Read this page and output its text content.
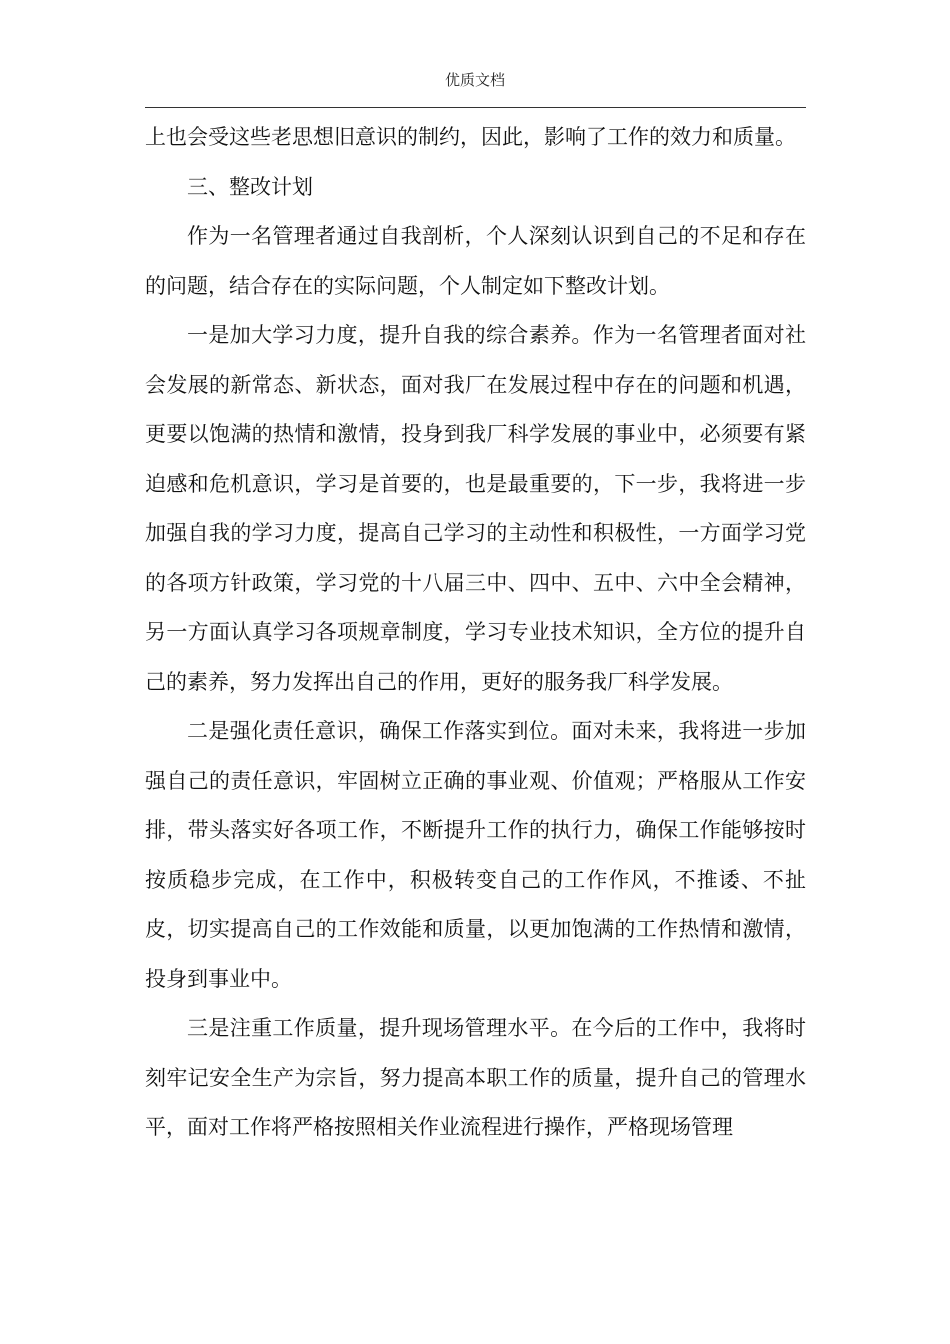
优质文档

上也会受这些老思想旧意识的制约，因此，影响了工作的效力和质量。

三、整改计划

作为一名管理者通过自我剖析，个人深刻认识到自己的不足和存在的问题，结合存在的实际问题，个人制定如下整改计划。

一是加大学习力度，提升自我的综合素养。作为一名管理者面对社会发展的新常态、新状态，面对我厂在发展过程中存在的问题和机遇，更要以饱满的热情和激情，投身到我厂科学发展的事业中，必须要有紧迫感和危机意识，学习是首要的，也是最重要的，下一步，我将进一步加强自我的学习力度，提高自己学习的主动性和积极性，一方面学习党的各项方针政策，学习党的十八届三中、四中、五中、六中全会精神，另一方面认真学习各项规章制度，学习专业技术知识，全方位的提升自己的素养，努力发挥出自己的作用，更好的服务我厂科学发展。

二是强化责任意识，确保工作落实到位。面对未来，我将进一步加强自己的责任意识，牢固树立正确的事业观、价值观；严格服从工作安排，带头落实好各项工作，不断提升工作的执行力，确保工作能够按时按质稳步完成，在工作中，积极转变自己的工作作风，不推诿、不扯皮，切实提高自己的工作效能和质量，以更加饱满的工作热情和激情，投身到事业中。

三是注重工作质量，提升现场管理水平。在今后的工作中，我将时刻牢记安全生产为宗旨，努力提高本职工作的质量，提升自己的管理水平，面对工作将严格按照相关作业流程进行操作，严格现场管理
